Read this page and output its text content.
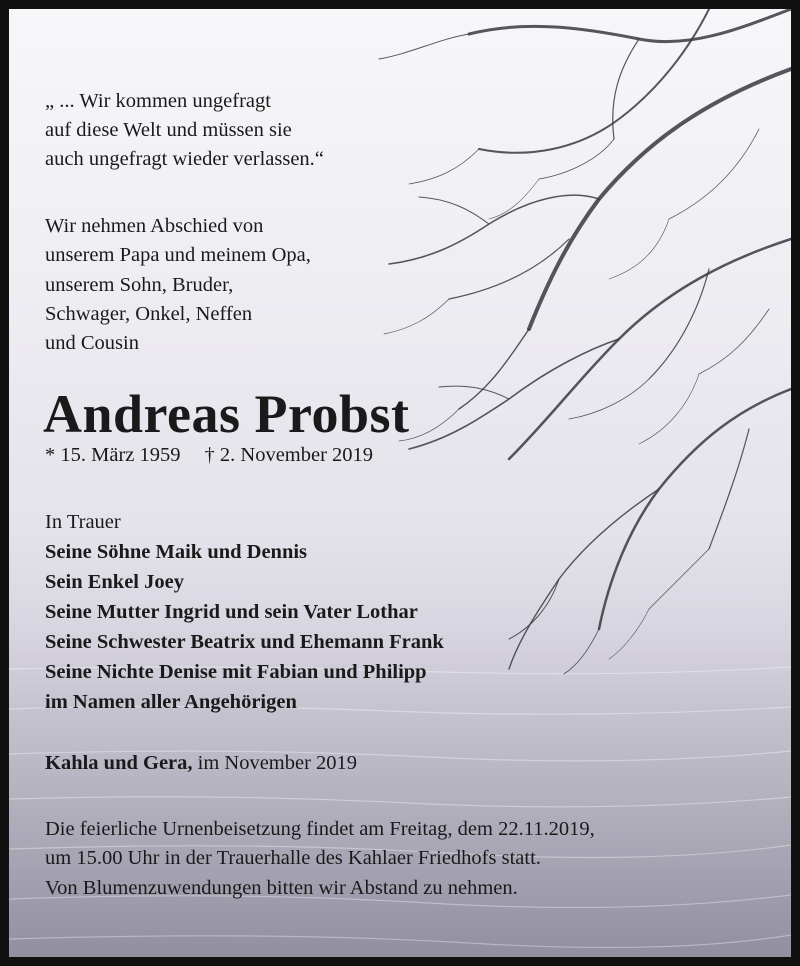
„ ... Wir kommen ungefragt
auf diese Welt und müssen sie
auch ungefragt wieder verlassen.“

Wir nehmen Abschied von
unserem Papa und meinem Opa,
unserem Sohn, Bruder,
Schwager, Onkel, Neffen
und Cousin

Andreas Probst

* 15. März 1959 † 2. November 2019

In Trauer
Seine Söhne Maik und Dennis
Sein Enkel Joey
Seine Mutter Ingrid und sein Vater Lothar
Seine Schwester Beatrix und Ehemann Frank
Seine Nichte Denise mit Fabian und Philipp
im Namen aller Angehörigen

Kahla und Gera, im November 2019

Die feierliche Urnenbeisetzung findet am Freitag, dem 22.11.2019,
um 15.00 Uhr in der Trauerhalle des Kahlaer Friedhofs statt.
Von Blumenzuwendungen bitten wir Abstand zu nehmen.
